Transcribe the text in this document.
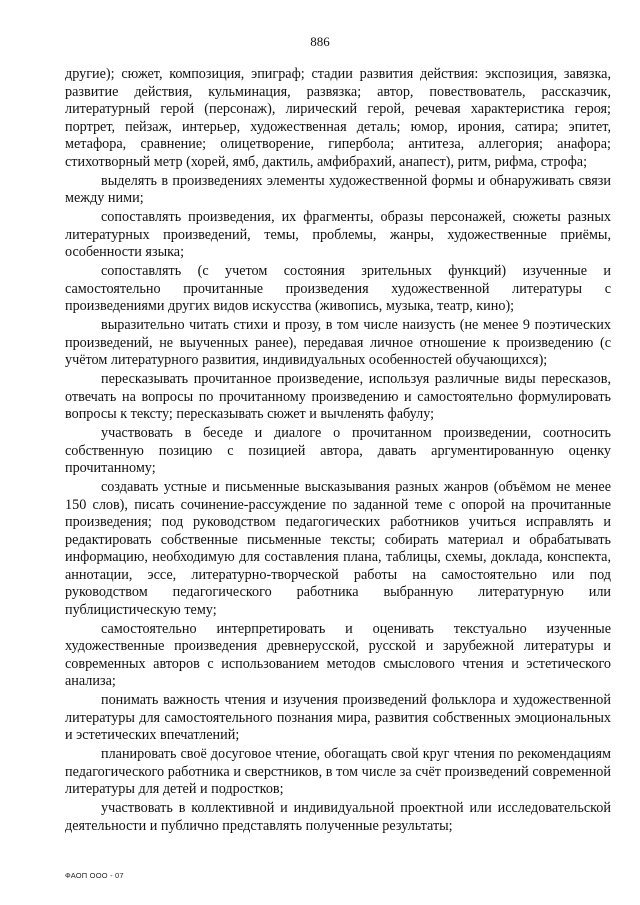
886

другие); сюжет, композиция, эпиграф; стадии развития действия: экспозиция, завязка, развитие действия, кульминация, развязка; автор, повествователь, рассказчик, литературный герой (персонаж), лирический герой, речевая характеристика героя; портрет, пейзаж, интерьер, художественная деталь; юмор, ирония, сатира; эпитет, метафора, сравнение; олицетворение, гипербола; антитеза, аллегория; анафора; стихотворный метр (хорей, ямб, дактиль, амфибрахий, анапест), ритм, рифма, строфа;

выделять в произведениях элементы художественной формы и обнаруживать связи между ними;

сопоставлять произведения, их фрагменты, образы персонажей, сюжеты разных литературных произведений, темы, проблемы, жанры, художественные приёмы, особенности языка;

сопоставлять (с учетом состояния зрительных функций) изученные и самостоятельно прочитанные произведения художественной литературы с произведениями других видов искусства (живопись, музыка, театр, кино);

выразительно читать стихи и прозу, в том числе наизусть (не менее 9 поэтических произведений, не выученных ранее), передавая личное отношение к произведению (с учётом литературного развития, индивидуальных особенностей обучающихся);

пересказывать прочитанное произведение, используя различные виды пересказов, отвечать на вопросы по прочитанному произведению и самостоятельно формулировать вопросы к тексту; пересказывать сюжет и вычленять фабулу;

участвовать в беседе и диалоге о прочитанном произведении, соотносить собственную позицию с позицией автора, давать аргументированную оценку прочитанному;

создавать устные и письменные высказывания разных жанров (объёмом не менее 150 слов), писать сочинение-рассуждение по заданной теме с опорой на прочитанные произведения; под руководством педагогических работников учиться исправлять и редактировать собственные письменные тексты; собирать материал и обрабатывать информацию, необходимую для составления плана, таблицы, схемы, доклада, конспекта, аннотации, эссе, литературно-творческой работы на самостоятельно или под руководством педагогического работника выбранную литературную или публицистическую тему;

самостоятельно интерпретировать и оценивать текстуально изученные художественные произведения древнерусской, русской и зарубежной литературы и современных авторов с использованием методов смыслового чтения и эстетического анализа;

понимать важность чтения и изучения произведений фольклора и художественной литературы для самостоятельного познания мира, развития собственных эмоциональных и эстетических впечатлений;

планировать своё досуговое чтение, обогащать свой круг чтения по рекомендациям педагогического работника и сверстников, в том числе за счёт произведений современной литературы для детей и подростков;

участвовать в коллективной и индивидуальной проектной или исследовательской деятельности и публично представлять полученные результаты;

ФАОП ООО - 07
